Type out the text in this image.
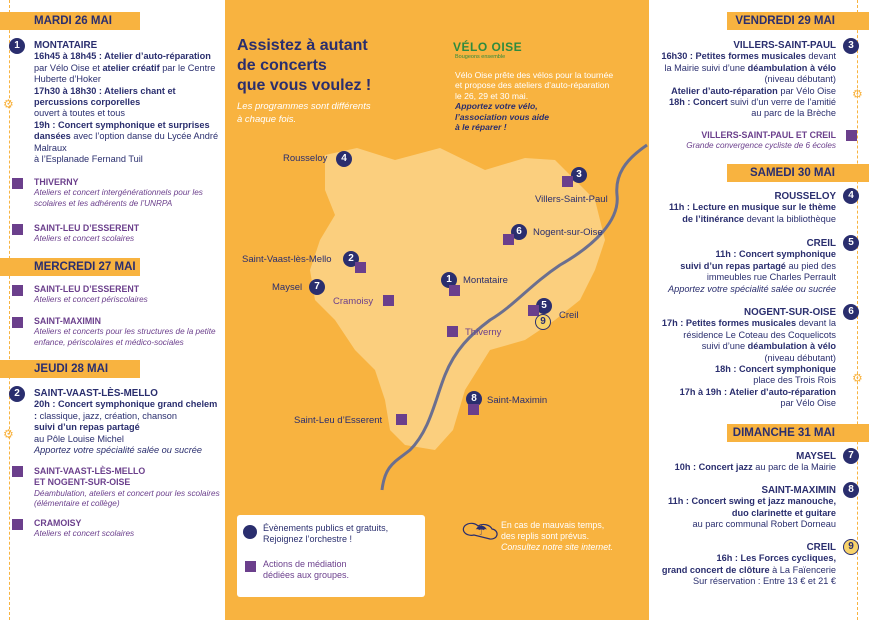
MARDI 26 MAI
1	MONTATAIRE

16h45 à 18h45 : Atelier d’auto-réparation par Vélo Oise et atelier créatif par le Centre Huberte d’Hoker

17h30 à 18h30 : Ateliers chant et percussions corporelles

ouvert à toutes et tous

19h : Concert symphonique et surprises dansées avec l’option danse du Lycée André Malraux

à l’Esplanade Fernand Tuil

THIVERNY

Ateliers et concert intergénérationnels pour les scolaires et les adhérents de l’UNRPA

SAINT-LEU D’ESSERENT

Ateliers et concert scolaires

MERCREDI 27 MAI

SAINT-LEU D’ESSERENT

Ateliers et concert périscolaires

SAINT-MAXIMIN

Ateliers et concerts pour les structures de la petite enfance, périscolaires et médico-sociales

JEUDI 28 MAI
2	SAINT-VAAST-LÈS-MELLO

20h : Concert symphonique grand chelem : classique, jazz, création, chanson

suivi d’un repas partagé

au Pôle Louise Michel

Apportez votre spécialité salée ou sucrée

SAINT-VAAST-LÈS-MELLO

ET NOGENT-SUR-OISE

Déambulation, ateliers et concert pour les scolaires (élémentaire et collège)

CRAMOISY

Ateliers et concert scolaires

⚙
⚙
Assistez à autant
de concerts
que vous voulez !
Les programmes sont différents
à chaque fois.
VÉLO OISE
Bougeons ensemble
Vélo Oise prête des vélos pour la tournée
et propose des ateliers d’auto-réparation
le 26, 29 et 30 mai.
Apportez votre vélo,
l’association vous aide
à le réparer !
Rousseloy	4
3
Villers-Saint-Paul
6	Nogent-sur-Oise
Saint-Vaast-lès-Mello	2
Maysel	7
1	Montataire
Cramoisy	5
9
Creil
Thiverny
8	Saint-Maximin
Saint-Leu d’Esserent
Évènements publics et gratuits,
Rejoignez l’orchestre !
Actions de médiation
dédiées aux groupes.
☂ En cas de mauvais temps,
des replis sont prévus.
Consultez notre site internet.
VENDREDI 29 MAI
3

VILLERS-SAINT-PAUL

16h30 : Petites formes musicales devant

la Mairie suivi d’une déambulation à vélo

(niveau débutant)

Atelier d’auto-réparation par Vélo Oise

18h : Concert suivi d’un verre de l’amitié

au parc de la Brèche

VILLERS-SAINT-PAUL ET CREIL

Grande convergence cycliste de 6 écoles

SAMEDI 30 MAI
4

ROUSSELOY

11h : Lecture en musique sur le thème

de l’itinérance devant la bibliothèque

5

CREIL

11h : Concert symphonique

suivi d’un repas partagé au pied des

immeubles rue Charles Perrault

Apportez votre spécialité salée ou sucrée

6

NOGENT-SUR-OISE

17h : Petites formes musicales devant la

résidence Le Coteau des Coquelicots

suivi d’une déambulation à vélo

(niveau débutant)

18h : Concert symphonique

place des Trois Rois

17h à 19h : Atelier d’auto-réparation

par Vélo Oise

DIMANCHE 31 MAI
7

MAYSEL

10h : Concert jazz au parc de la Mairie

8

SAINT-MAXIMIN

11h : Concert swing et jazz manouche,

duo clarinette et guitare

au parc communal Robert Dorneau

9

CREIL

16h : Les Forces cycliques,

grand concert de clôture à La Faïencerie

Sur réservation : Entre 13 € et 21 €

⚙
⚙
